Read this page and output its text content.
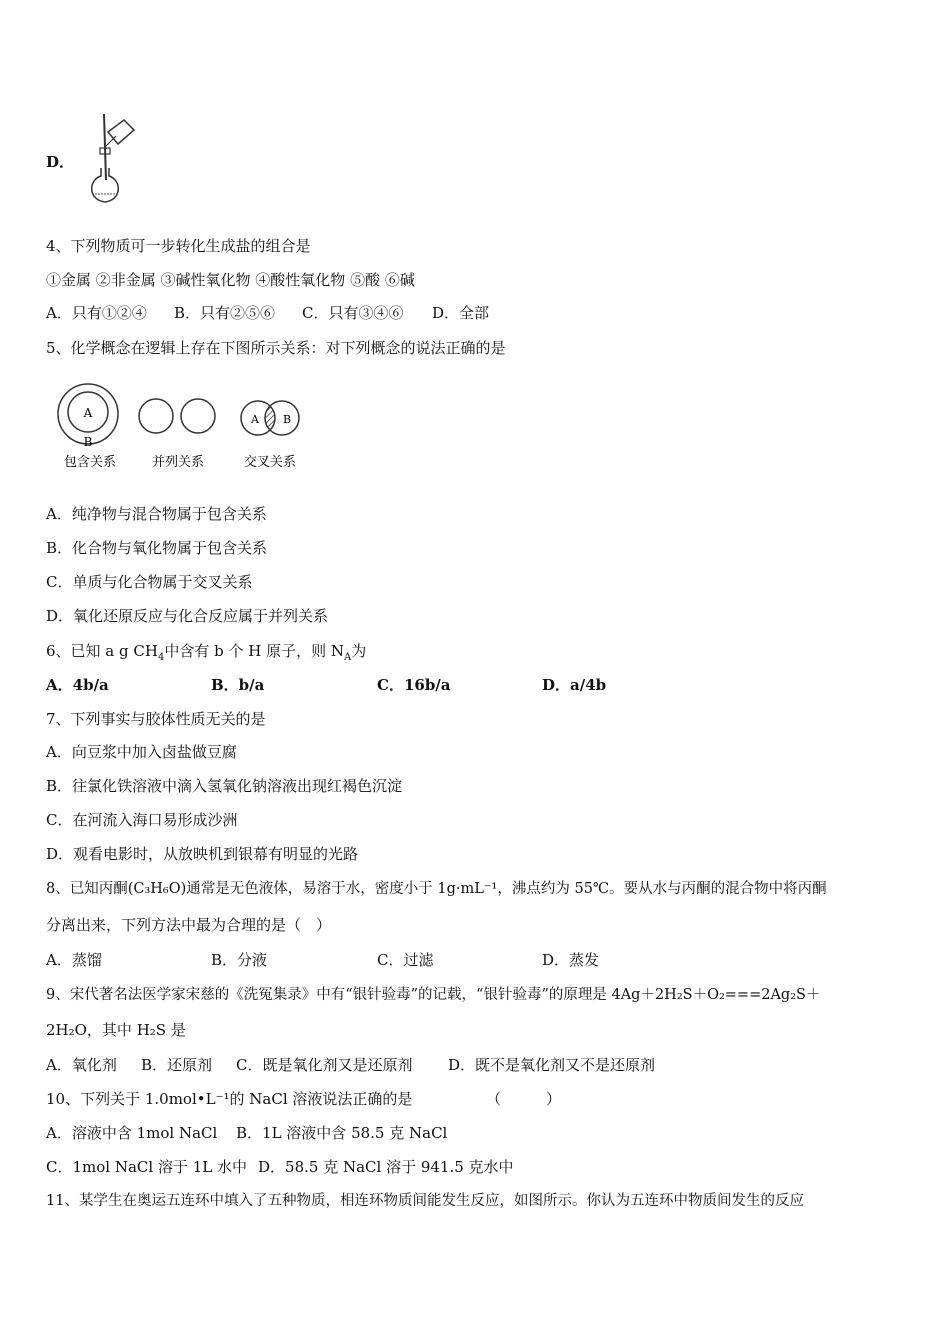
D．
4、下列物质可一步转化生成盐的组合是
①金属 ②非金属 ③碱性氧化物 ④酸性氧化物 ⑤酸 ⑥碱
A．只有①②④ B．只有②⑤⑥ C．只有③④⑥ D．全部
5、化学概念在逻辑上存在下图所示关系：对下列概念的说法正确的是
A
B
A B
包含关系	并列关系	交叉关系
A．纯净物与混合物属于包含关系
B．化合物与氧化物属于包含关系
C．单质与化合物属于交叉关系
D．氧化还原反应与化合反应属于并列关系
6、已知 a g $CH_4$中含有 b 个 H 原子，则 $N_A$为
A．4b/a	B．b/a	C．16b/a	D．a/4b
7、下列事实与胶体性质无关的是
A．向豆浆中加入卤盐做豆腐
B．往氯化铁溶液中滴入氢氧化钠溶液出现红褐色沉淀
C．在河流入海口易形成沙洲
D．观看电影时，从放映机到银幕有明显的光路
8、已知丙酮(C₃H₆O)通常是无色液体，易溶于水，密度小于 1g·mL⁻¹，沸点约为 55℃。要从水与丙酮的混合物中将丙酮
分离出来，下列方法中最为合理的是（　）
A．蒸馏	B．分液	C．过滤	D．蒸发
9、宋代著名法医学家宋慈的《洗冤集录》中有“银针验毒”的记载，“银针验毒”的原理是 4Ag＋2H₂S＋O₂===2Ag₂S＋
2H₂O，其中 H₂S 是
A．氧化剂 B．还原剂 C．既是氧化剂又是还原剂 D．既不是氧化剂又不是还原剂
10、下列关于 1.0mol•L⁻¹的 NaCl 溶液说法正确的是	（　　　）
A．溶液中含 1mol NaCl B．1L 溶液中含 58.5 克 NaCl
C．1mol NaCl 溶于 1L 水中 D．58.5 克 NaCl 溶于 941.5 克水中
11、某学生在奥运五连环中填入了五种物质，相连环物质间能发生反应，如图所示。你认为五连环中物质间发生的反应
